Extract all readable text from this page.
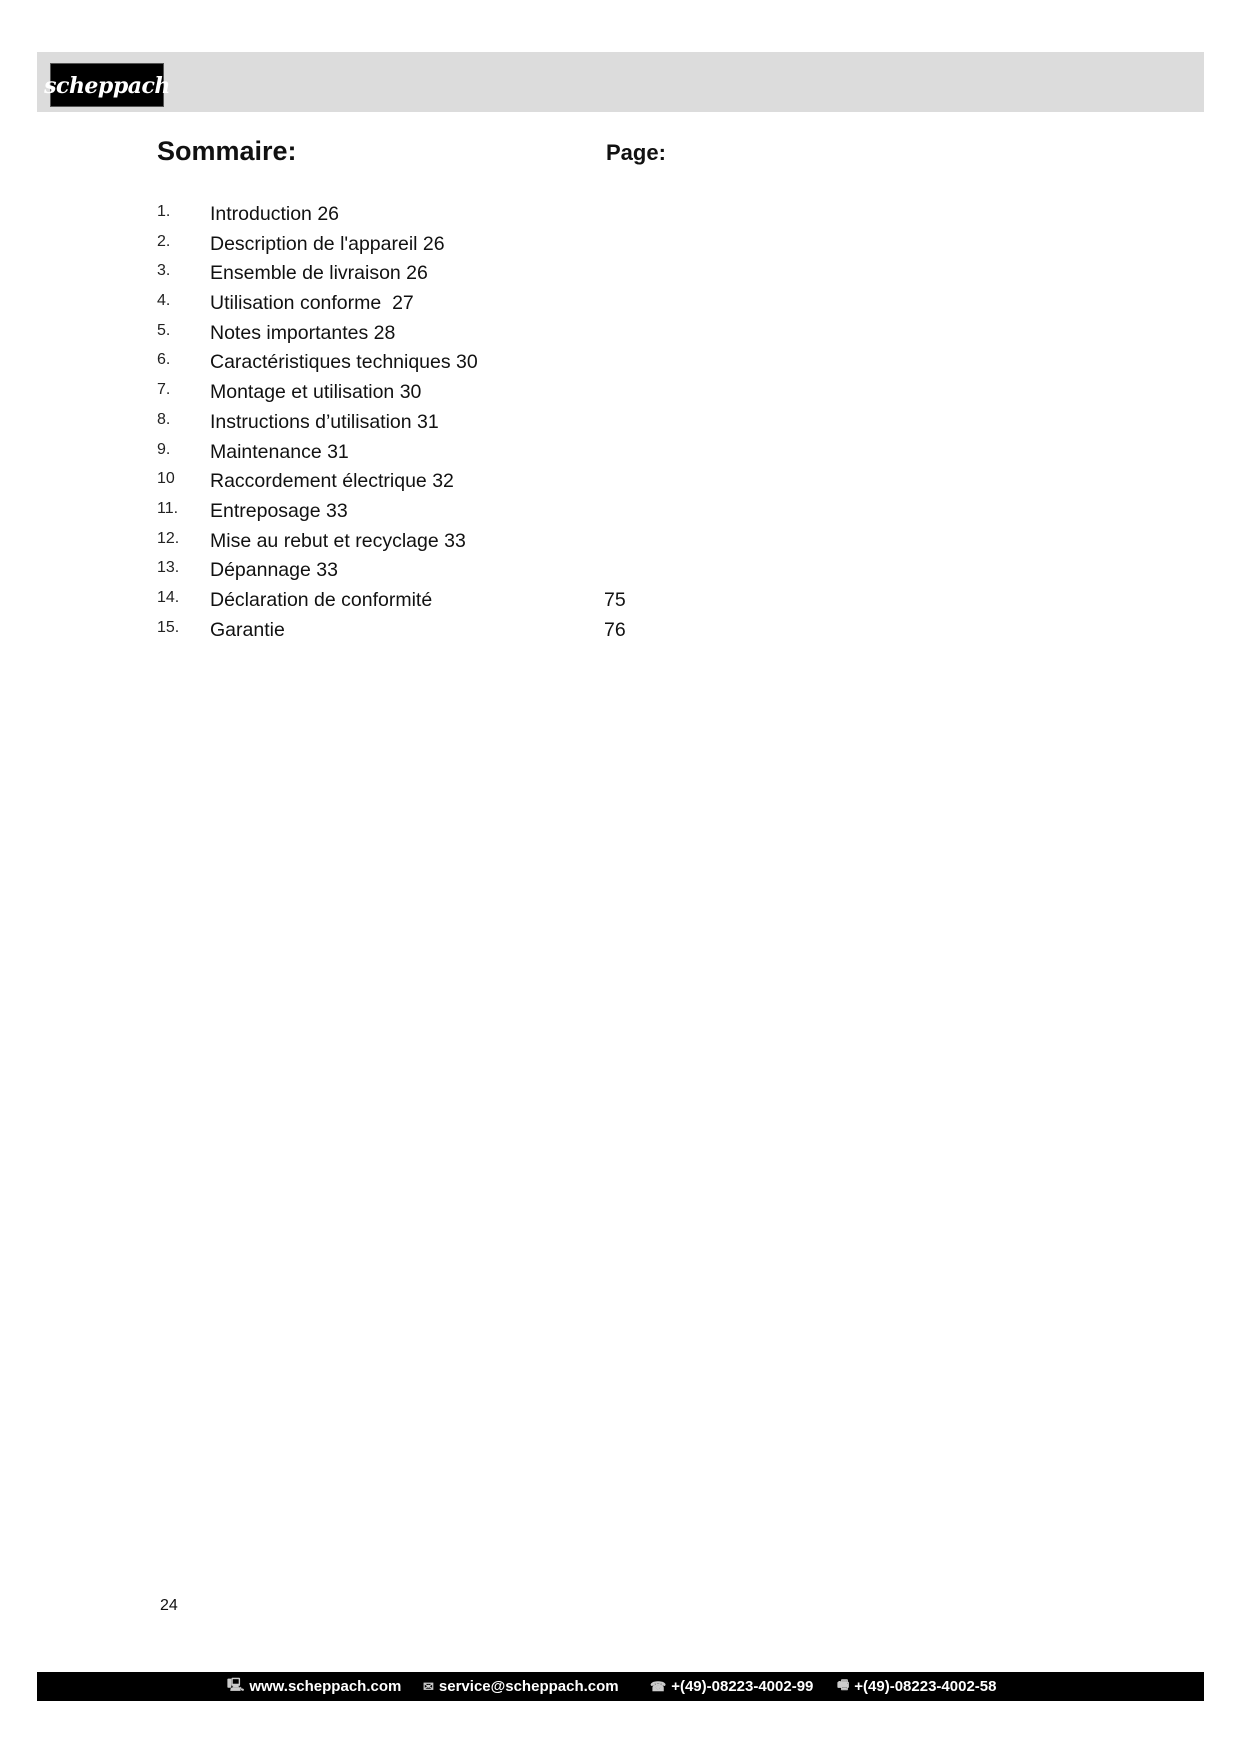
scheppach
Sommaire:	Page:
1. Introduction 26
2. Description de l'appareil 26
3. Ensemble de livraison 26
4. Utilisation conforme  27
5. Notes importantes 28
6. Caractéristiques techniques 30
7. Montage et utilisation 30
8. Instructions d’utilisation 31
9. Maintenance 31
10 Raccordement électrique 32
11. Entreposage 33
12. Mise au rebut et recyclage 33
13. Dépannage 33
14. Déclaration de conformité	75
15. Garantie	76
24
🖳 www.scheppach.com ✉ service@scheppach.com ☎ +(49)-08223-4002-99 🖷 +(49)-08223-4002-58
